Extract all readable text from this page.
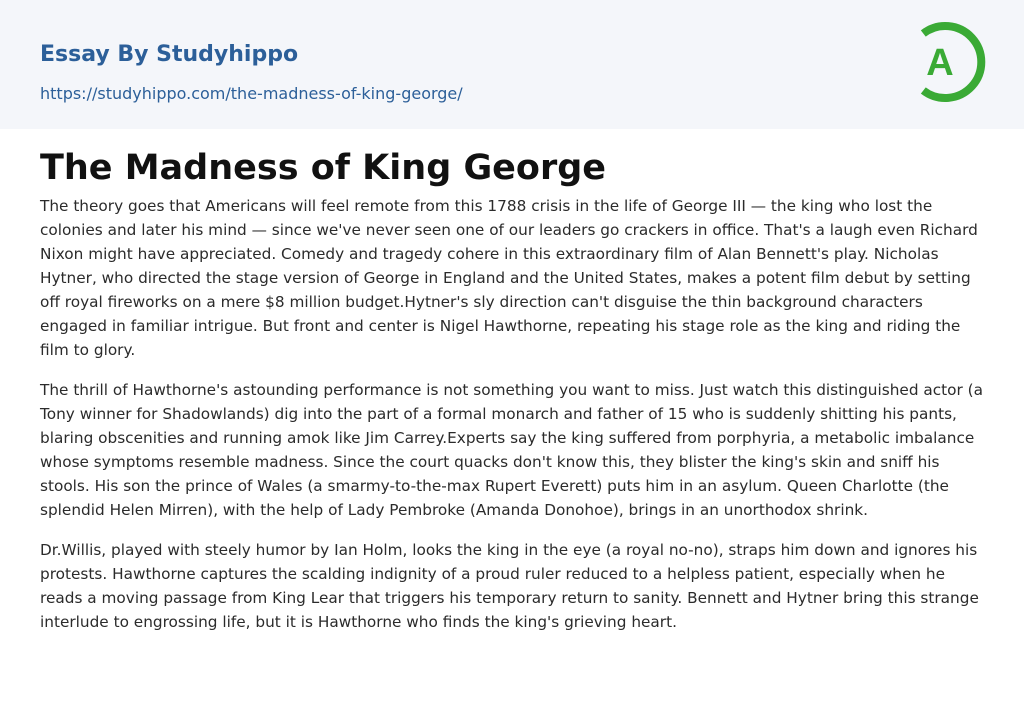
Essay By Studyhippo
https://studyhippo.com/the-madness-of-king-george/
A
The Madness of King George

The theory goes that Americans will feel remote from this 1788 crisis in the life of George III — the king who lost the colonies and later his mind — since we've never seen one of our leaders go crackers in office. That's a laugh even Richard Nixon might have appreciated. Comedy and tragedy cohere in this extraordinary film of Alan Bennett's play. Nicholas Hytner, who directed the stage version of George in England and the United States, makes a potent film debut by setting off royal fireworks on a mere $8 million budget.Hytner's sly direction can't disguise the thin background characters engaged in familiar intrigue. But front and center is Nigel Hawthorne, repeating his stage role as the king and riding the film to glory.

The thrill of Hawthorne's astounding performance is not something you want to miss. Just watch this distinguished actor (a Tony winner for Shadowlands) dig into the part of a formal monarch and father of 15 who is suddenly shitting his pants, blaring obscenities and running amok like Jim Carrey.Experts say the king suffered from porphyria, a metabolic imbalance whose symptoms resemble madness. Since the court quacks don't know this, they blister the king's skin and sniff his stools. His son the prince of Wales (a smarmy-to-the-max Rupert Everett) puts him in an asylum. Queen Charlotte (the splendid Helen Mirren), with the help of Lady Pembroke (Amanda Donohoe), brings in an unorthodox shrink.

Dr.Willis, played with steely humor by Ian Holm, looks the king in the eye (a royal no-no), straps him down and ignores his protests. Hawthorne captures the scalding indignity of a proud ruler reduced to a helpless patient, especially when he reads a moving passage from King Lear that triggers his temporary return to sanity. Bennett and Hytner bring this strange interlude to engrossing life, but it is Hawthorne who finds the king's grieving heart.
